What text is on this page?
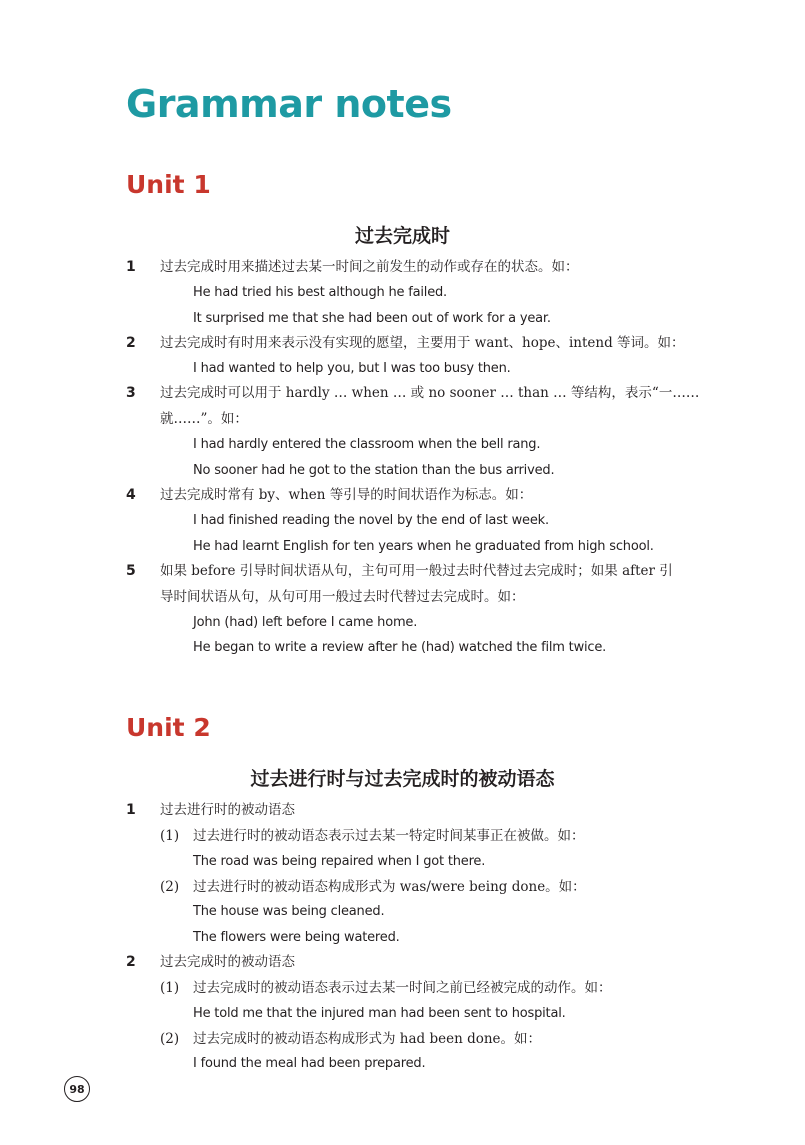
Grammar notes
Unit 1
过去完成时
1 过去完成时用来描述过去某一时间之前发生的动作或存在的状态。如：
He had tried his best although he failed.
It surprised me that she had been out of work for a year.
2 过去完成时有时用来表示没有实现的愿望，主要用于 want、hope、intend 等词。如：
I had wanted to help you, but I was too busy then.
3 过去完成时可以用于 hardly … when … 或 no sooner … than … 等结构，表示“一……
就……”。如：
I had hardly entered the classroom when the bell rang.
No sooner had he got to the station than the bus arrived.
4 过去完成时常有 by、when 等引导的时间状语作为标志。如：
I had finished reading the novel by the end of last week.
He had learnt English for ten years when he graduated from high school.
5 如果 before 引导时间状语从句，主句可用一般过去时代替过去完成时；如果 after 引
导时间状语从句，从句可用一般过去时代替过去完成时。如：
John (had) left before I came home.
He began to write a review after he (had) watched the film twice.
Unit 2
过去进行时与过去完成时的被动语态
1 过去进行时的被动语态
(1) 过去进行时的被动语态表示过去某一特定时间某事正在被做。如：
The road was being repaired when I got there.
(2) 过去进行时的被动语态构成形式为 was/were being done。如：
The house was being cleaned.
The flowers were being watered.
2 过去完成时的被动语态
(1) 过去完成时的被动语态表示过去某一时间之前已经被完成的动作。如：
He told me that the injured man had been sent to hospital.
(2) 过去完成时的被动语态构成形式为 had been done。如：
I found the meal had been prepared.
98
